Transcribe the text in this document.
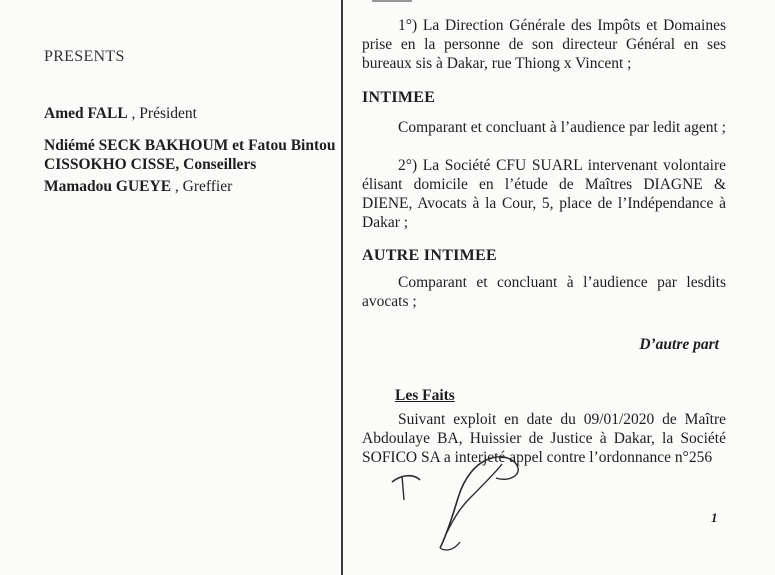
PRESENTS
Amed FALL , Président
Ndiémé SECK BAKHOUM et Fatou Bintou CISSOKHO CISSE, Conseillers
Mamadou GUEYE , Greffier
1°) La Direction Générale des Impôts et Domaines prise en la personne de son directeur Général en ses bureaux sis à Dakar, rue Thiong x Vincent ;
INTIMEE
Comparant et concluant à l’audience par ledit agent ;
2°) La Société CFU SUARL intervenant volontaire élisant domicile en l’étude de Maîtres DIAGNE & DIENE, Avocats à la Cour, 5, place de l’Indépendance à Dakar ;
AUTRE INTIMEE
Comparant et concluant à l’audience par lesdits avocats ;
D’autre part
Les Faits
Suivant exploit en date du 09/01/2020 de Maître Abdoulaye BA, Huissier de Justice à Dakar, la Société SOFICO SA a interjeté appel contre l’ordonnance n°256
1
